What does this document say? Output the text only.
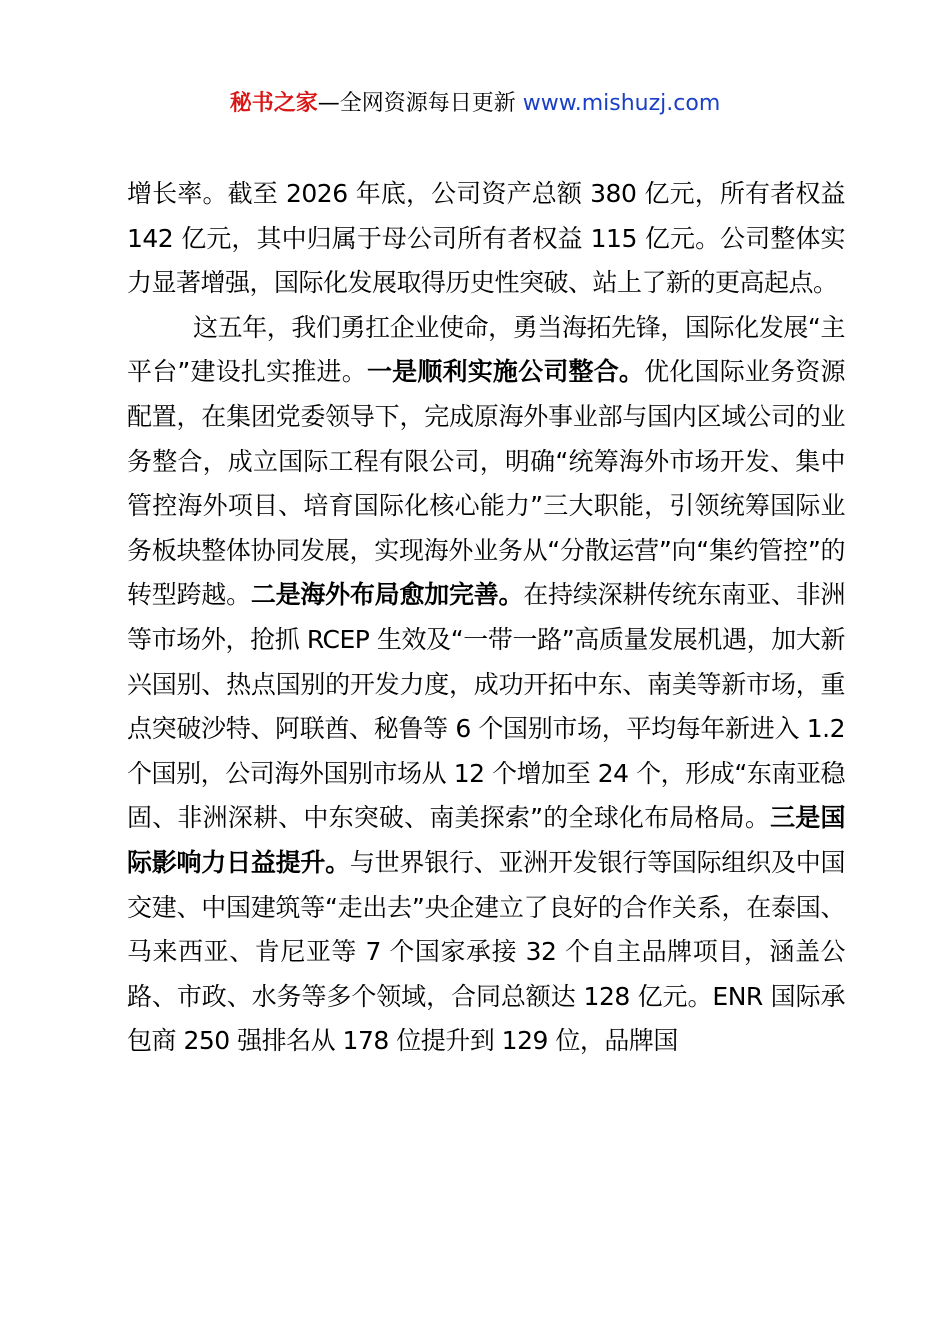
秘书之家—全网资源每日更新 www.mishuzj.com

增长率。截至 2026 年底，公司资产总额 380 亿元，所有者权益 142 亿元，其中归属于母公司所有者权益 115 亿元。公司整体实力显著增强，国际化发展取得历史性突破、站上了新的更高起点。

这五年，我们勇扛企业使命，勇当海拓先锋，国际化发展“主平台”建设扎实推进。一是顺利实施公司整合。优化国际业务资源配置，在集团党委领导下，完成原海外事业部与国内区域公司的业务整合，成立国际工程有限公司，明确“统筹海外市场开发、集中管控海外项目、培育国际化核心能力”三大职能，引领统筹国际业务板块整体协同发展，实现海外业务从“分散运营”向“集约管控”的转型跨越。二是海外布局愈加完善。在持续深耕传统东南亚、非洲等市场外，抢抓 RCEP 生效及“一带一路”高质量发展机遇，加大新兴国别、热点国别的开发力度，成功开拓中东、南美等新市场，重点突破沙特、阿联酋、秘鲁等 6 个国别市场，平均每年新进入 1.2 个国别，公司海外国别市场从 12 个增加至 24 个，形成“东南亚稳固、非洲深耕、中东突破、南美探索”的全球化布局格局。三是国际影响力日益提升。与世界银行、亚洲开发银行等国际组织及中国交建、中国建筑等“走出去”央企建立了良好的合作关系，在泰国、马来西亚、肯尼亚等 7 个国家承接 32 个自主品牌项目，涵盖公路、市政、水务等多个领域，合同总额达 128 亿元。ENR 国际承包商 250 强排名从 178 位提升到 129 位，品牌国
